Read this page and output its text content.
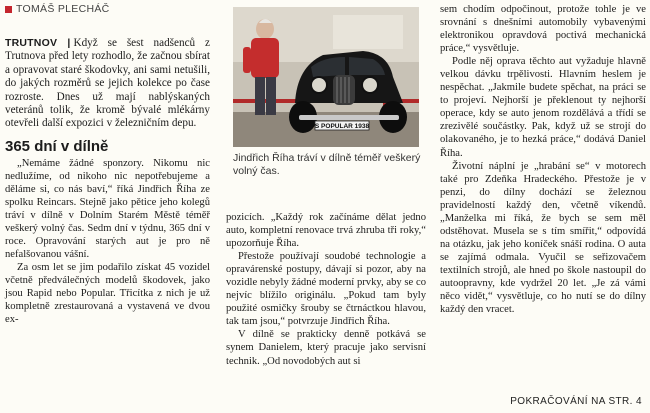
TOMÁŠ PLECHÁČ

TRUTNOV | Když se šest nadšenců z Trutnova před lety rozhodlo, že začnou sbírat a opravovat staré škodovky, ani sami netušili, do jakých rozměrů se jejich kolekce po čase rozroste. Dnes už mají nablýskaných veteránů tolik, že kromě bývalé mlékárny otevřeli další expozici v železničním depu.

365 dní v dílně

„Nemáme žádné sponzory. Nikomu nic nedlužíme, od nikoho nic nepotřebujeme a děláme si, co nás baví,“ říká Jindřich Říha ze spolku Reincars. Stejně jako pětice jeho kolegů tráví v dílně v Dolním Starém Městě téměř veškerý volný čas. Sedm dní v týdnu, 365 dní v roce. Opravování starých aut je pro ně nefalšovanou vášní.

Za osm let se jim podařilo získat 45 vozidel včetně předválečných modelů škodovek, jako jsou Rapid nebo Popular. Třicítka z nich je už kompletně zrestaurovaná a vystavená ve dvou ex-

S POPULAR 1938
Jindřich Říha tráví v dílně téměř veškerý volný čas.

pozicích. „Každý rok začínáme dělat jedno auto, kompletní renovace trvá zhruba tři roky,“ upozorňuje Říha.

Přestože používají soudobé technologie a opravárenské postupy, dávají si pozor, aby na vozidle nebyly žádné moderní prvky, aby se co nejvíc blížilo originálu. „Pokud tam byly použité osmičky šrouby se čtrnáctkou hlavou, tak tam jsou,“ potvrzuje Jindřich Říha.

V dílně se prakticky denně potkává se synem Danielem, který pracuje jako servisní technik. „Od novodobých aut si

sem chodím odpočinout, protože tohle je ve srovnání s dnešními automobily vybavenými elektronikou opravdová poctivá mechanická práce,“ vysvětluje.

Podle něj oprava těchto aut vyžaduje hlavně velkou dávku trpělivosti. Hlavním heslem je nespěchat. „Jakmile budete spěchat, na práci se to projeví. Nejhorší je překlenout ty nejhorší operace, kdy se auto jenom rozdělává a třídí se zrezivělé součástky. Pak, když už se strojí do olakovaného, je to hezká práce,“ dodává Daniel Říha.

Životní náplní je „hrabání se“ v motorech také pro Zdeňka Hradeckého. Přestože je v penzi, do dílny dochází se železnou pravidelností každý den, včetně víkendů. „Manželka mi říká, že bych se sem měl odstěhovat. Musela se s tím smířit,“ odpovídá na otázku, jak jeho koníček snáší rodina. O auta se zajímá odmala. Vyučil se seřizovačem textilních strojů, ale hned po škole nastoupil do autoopravny, kde vydržel 20 let. „Je zá vámi něco vidět,“ vysvětluje, co ho nutí se do dílny každý den vracet.

POKRAČOVÁNÍ NA STR. 4
